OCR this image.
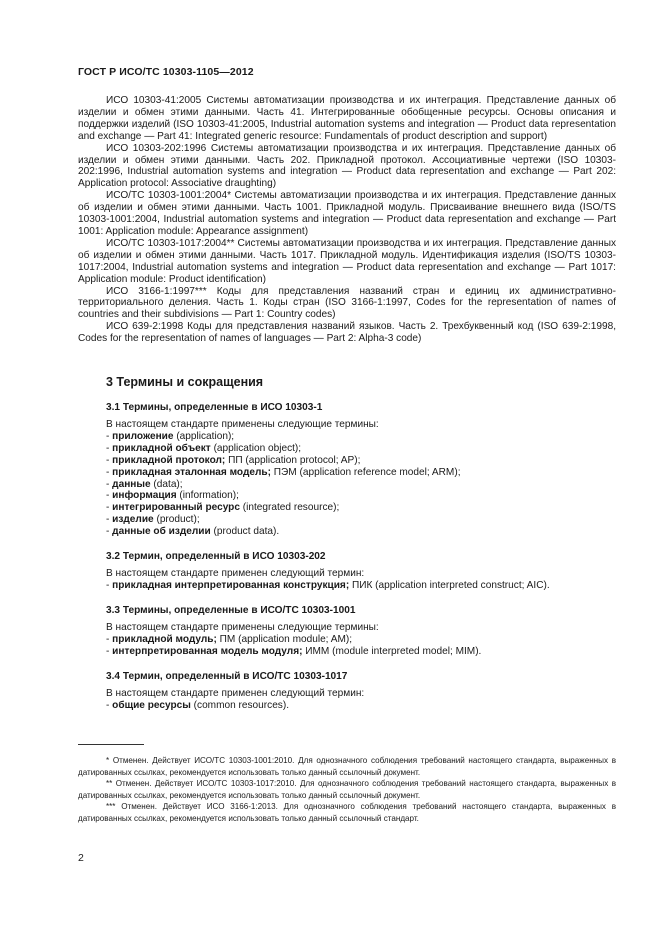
ГОСТ Р ИСО/ТС 10303-1105—2012

ИСО 10303-41:2005 Системы автоматизации производства и их интеграция. Представление данных об изделии и обмен этими данными. Часть 41. Интегрированные обобщенные ресурсы. Основы описания и поддержки изделий (ISO 10303-41:2005, Industrial automation systems and integration — Product data representation and exchange — Part 41: Integrated generic resource: Fundamentals of product description and support)

ИСО 10303-202:1996 Системы автоматизации производства и их интеграция. Представление данных об изделии и обмен этими данными. Часть 202. Прикладной протокол. Ассоциативные чертежи (ISO 10303-202:1996, Industrial automation systems and integration — Product data representation and exchange — Part 202: Application protocol: Associative draughting)

ИСО/ТС 10303-1001:2004* Системы автоматизации производства и их интеграция. Представление данных об изделии и обмен этими данными. Часть 1001. Прикладной модуль. Присваивание внешнего вида (ISO/TS 10303-1001:2004, Industrial automation systems and integration — Product data representation and exchange — Part 1001: Application module: Appearance assignment)

ИСО/ТС 10303-1017:2004** Системы автоматизации производства и их интеграция. Представление данных об изделии и обмен этими данными. Часть 1017. Прикладной модуль. Идентификация изделия (ISO/TS 10303-1017:2004, Industrial automation systems and integration — Product data representation and exchange — Part 1017: Application module: Product identification)

ИСО 3166-1:1997*** Коды для представления названий стран и единиц их административно-территориального деления. Часть 1. Коды стран (ISO 3166-1:1997, Codes for the representation of names of countries and their subdivisions — Part 1: Country codes)

ИСО 639-2:1998 Коды для представления названий языков. Часть 2. Трехбуквенный код (ISO 639-2:1998, Codes for the representation of names of languages — Part 2: Alpha-3 code)

3 Термины и сокращения
3.1 Термины, определенные в ИСО 10303-1
В настоящем стандарте применены следующие термины:
- приложение (application);
- прикладной объект (application object);
- прикладной протокол; ПП (application protocol; AP);
- прикладная эталонная модель; ПЭМ (application reference model; ARM);
- данные (data);
- информация (information);
- интегрированный ресурс (integrated resource);
- изделие (product);
- данные об изделии (product data).
3.2 Термин, определенный в ИСО 10303-202
В настоящем стандарте применен следующий термин:
- прикладная интерпретированная конструкция; ПИК (application interpreted construct; AIC).
3.3 Термины, определенные в ИСО/ТС 10303-1001
В настоящем стандарте применены следующие термины:
- прикладной модуль; ПМ (application module; AM);
- интерпретированная модель модуля; ИММ (module interpreted model; MIM).
3.4 Термин, определенный в ИСО/ТС 10303-1017
В настоящем стандарте применен следующий термин:
- общие ресурсы (common resources).

* Отменен. Действует ИСО/ТС 10303-1001:2010. Для однозначного соблюдения требований настоящего стандарта, выраженных в датированных ссылках, рекомендуется использовать только данный ссылочный документ.

** Отменен. Действует ИСО/ТС 10303-1017:2010. Для однозначного соблюдения требований настоящего стандарта, выраженных в датированных ссылках, рекомендуется использовать только данный ссылочный документ.

*** Отменен. Действует ИСО 3166-1:2013. Для однозначного соблюдения требований настоящего стандарта, выраженных в датированных ссылках, рекомендуется использовать только данный ссылочный стандарт.

2
